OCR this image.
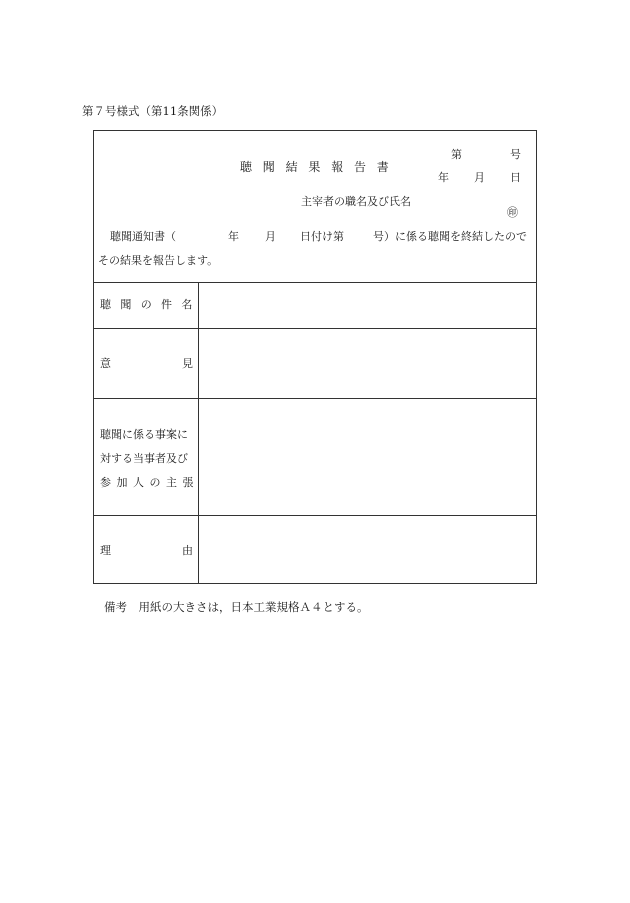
第７号様式（第11条関係）
聴聞結果報告書
第	号
年 月 日
主宰者の職名及び氏名
㊞
聴聞通知書（	年 月 日付け第	号）に係る聴聞を終結したので
その結果を報告します。
聴聞の件名
意	見
聴聞に係る事案に
対する当事者及び
参加人の主張
理	由
備考　用紙の大きさは，日本工業規格Ａ４とする。
